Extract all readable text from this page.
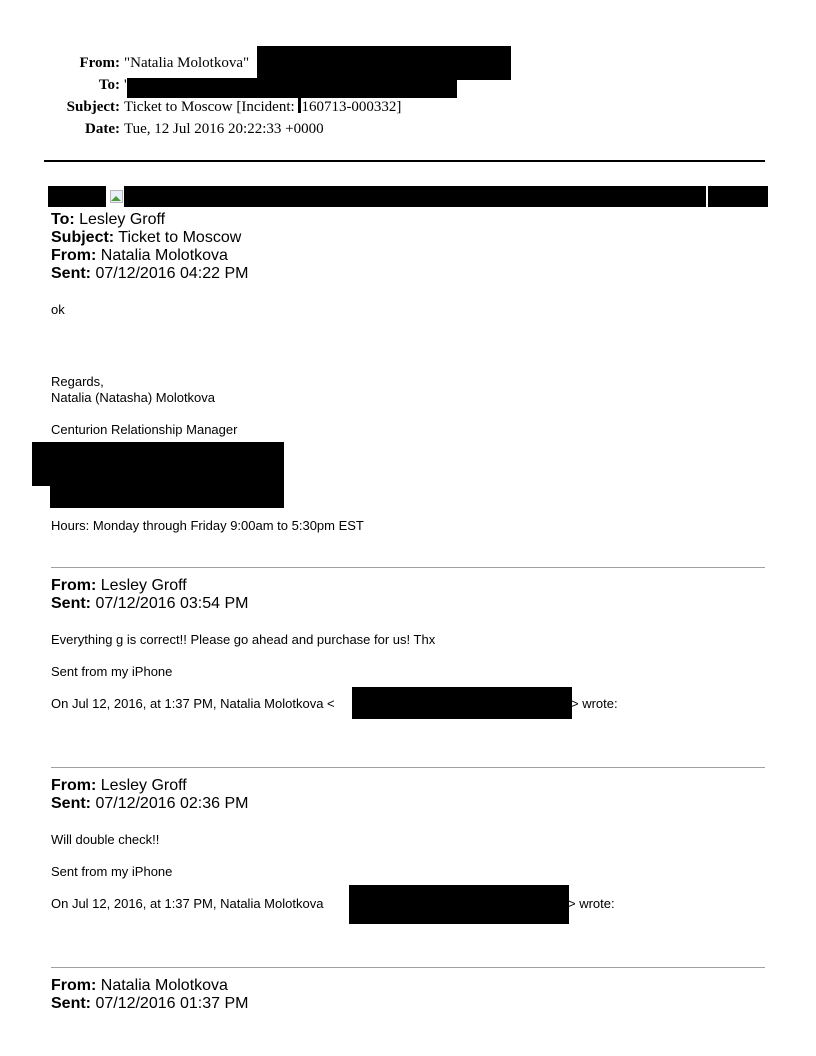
From: "Natalia Molotkova"
To: '
Subject: Ticket to Moscow [Incident: 160713-000332]
Date: Tue, 12 Jul 2016 20:22:33 +0000
To: Lesley Groff
Subject: Ticket to Moscow
From: Natalia Molotkova
Sent: 07/12/2016 04:22 PM
ok
Regards,
Natalia (Natasha) Molotkova
Centurion Relationship Manager
Hours: Monday through Friday 9:00am to 5:30pm EST
From: Lesley Groff
Sent: 07/12/2016 03:54 PM
Everything g is correct!! Please go ahead and purchase for us! Thx
Sent from my iPhone
On Jul 12, 2016, at 1:37 PM, Natalia Molotkova <	> wrote:
From: Lesley Groff
Sent: 07/12/2016 02:36 PM
Will double check!!
Sent from my iPhone
On Jul 12, 2016, at 1:37 PM, Natalia Molotkova	> wrote:
From: Natalia Molotkova
Sent: 07/12/2016 01:37 PM
